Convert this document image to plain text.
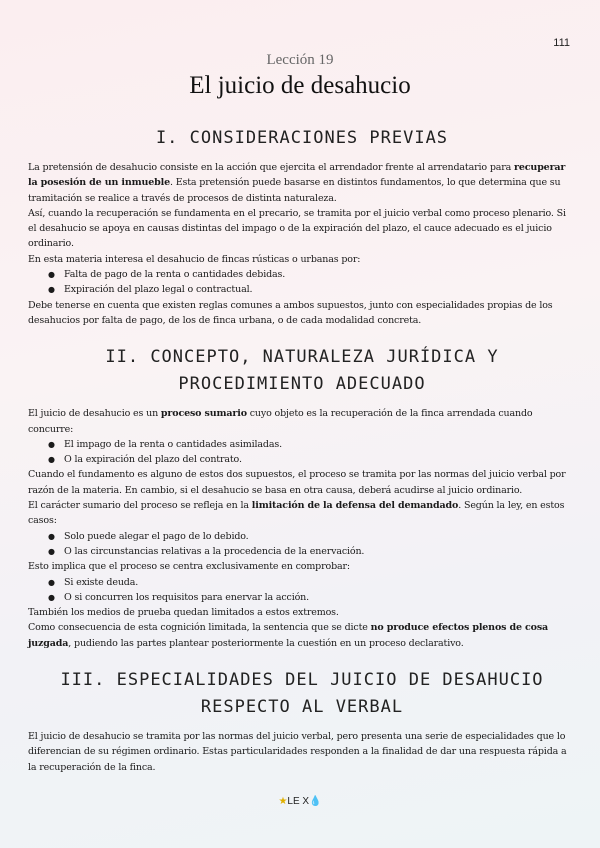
111
Lección 19
El juicio de desahucio
I. CONSIDERACIONES PREVIAS

La pretensión de desahucio consiste en la acción que ejercita el arrendador frente al arrendatario para recuperar la posesión de un inmueble. Esta pretensión puede basarse en distintos fundamentos, lo que determina que su tramitación se realice a través de procesos de distinta naturaleza.

Así, cuando la recuperación se fundamenta en el precario, se tramita por el juicio verbal como proceso plenario. Si el desahucio se apoya en causas distintas del impago o de la expiración del plazo, el cauce adecuado es el juicio ordinario.

En esta materia interesa el desahucio de fincas rústicas o urbanas por:

● Falta de pago de la renta o cantidades debidas.
● Expiración del plazo legal o contractual.

Debe tenerse en cuenta que existen reglas comunes a ambos supuestos, junto con especialidades propias de los desahucios por falta de pago, de los de finca urbana, o de cada modalidad concreta.

II. CONCEPTO, NATURALEZA JURÍDICA Y
PROCEDIMIENTO ADECUADO

El juicio de desahucio es un proceso sumario cuyo objeto es la recuperación de la finca arrendada cuando concurre:

● El impago de la renta o cantidades asimiladas.
● O la expiración del plazo del contrato.

Cuando el fundamento es alguno de estos dos supuestos, el proceso se tramita por las normas del juicio verbal por razón de la materia. En cambio, si el desahucio se basa en otra causa, deberá acudirse al juicio ordinario.

El carácter sumario del proceso se refleja en la limitación de la defensa del demandado. Según la ley, en estos casos:

● Solo puede alegar el pago de lo debido.
● O las circunstancias relativas a la procedencia de la enervación.

Esto implica que el proceso se centra exclusivamente en comprobar:

● Si existe deuda.
● O si concurren los requisitos para enervar la acción.

También los medios de prueba quedan limitados a estos extremos.

Como consecuencia de esta cognición limitada, la sentencia que se dicte no produce efectos plenos de cosa juzgada, pudiendo las partes plantear posteriormente la cuestión en un proceso declarativo.

III. ESPECIALIDADES DEL JUICIO DE DESAHUCIO
RESPECTO AL VERBAL

El juicio de desahucio se tramita por las normas del juicio verbal, pero presenta una serie de especialidades que lo diferencian de su régimen ordinario. Estas particularidades responden a la finalidad de dar una respuesta rápida a la recuperación de la finca.

★LE X💧
